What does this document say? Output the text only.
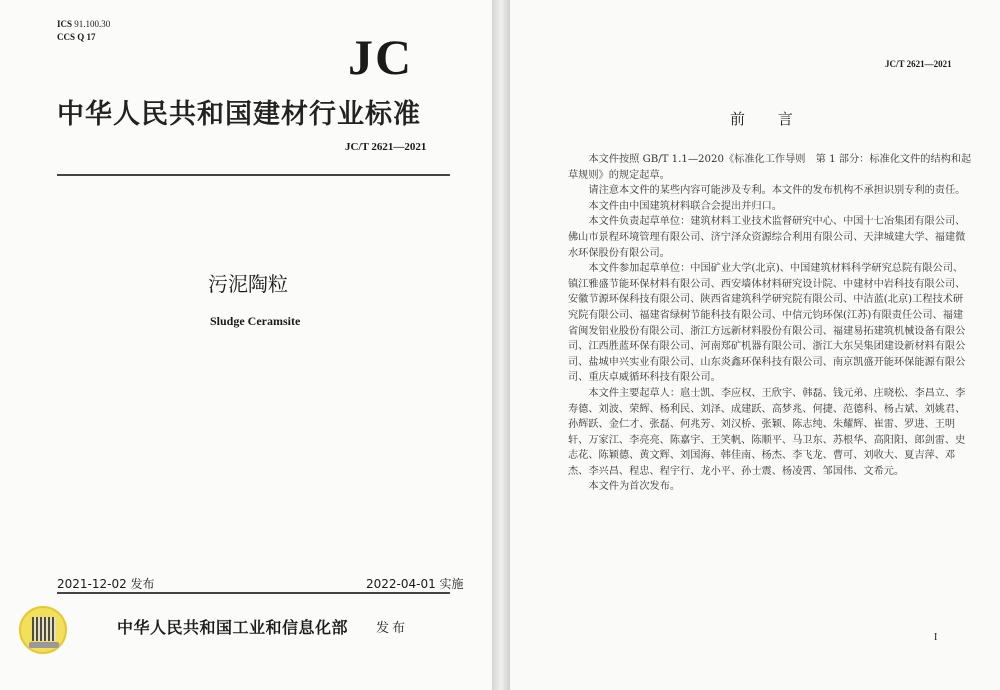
ICS 91.100.30
CCS Q 17	JC
中华人民共和国建材行业标准
JC/T 2621—2021
污泥陶粒
Sludge Ceramsite
2021-12-02 发布	2022-04-01 实施
中华人民共和国工业和信息化部 发布
JC/T 2621—2021
前 言

本文件按照 GB/T 1.1—2020《标准化工作导则　第 1 部分：标准化文件的结构和起草规则》的规定起草。

请注意本文件的某些内容可能涉及专利。本文件的发布机构不承担识别专利的责任。

本文件由中国建筑材料联合会提出并归口。

本文件负责起草单位：建筑材料工业技术监督研究中心、中国十七冶集团有限公司、佛山市景程环境管理有限公司、济宁泽众资源综合利用有限公司、天津城建大学、福建微水环保股份有限公司。

本文件参加起草单位：中国矿业大学(北京)、中国建筑材料科学研究总院有限公司、镇江雅盛节能环保材料有限公司、西安墙体材料研究设计院、中建材中岩科技有限公司、安徽节源环保科技有限公司、陕西省建筑科学研究院有限公司、中洁蓝(北京)工程技术研究院有限公司、福建省绿树节能科技有限公司、中信元钧环保(江苏)有限责任公司、福建省闽发铝业股份有限公司、浙江方远新材料股份有限公司、福建易拓建筑机械设备有限公司、江西胜蓝环保有限公司、河南郑矿机器有限公司、浙江大东吴集团建设新材料有限公司、盐城申兴实业有限公司、山东炎鑫环保科技有限公司、南京凯盛开能环保能源有限公司、重庆卓威循环科技有限公司。

本文件主要起草人：扈士凯、李应权、王欣宇、韩磊、钱元弟、庄晓松、李昌立、李寿德、刘波、荣辉、杨利民、刘泽、成建跃、高梦兆、何捷、范德科、杨占斌、刘姚君、孙辉跃、金仁才、张磊、何兆芳、刘汉桥、张颖、陈志纯、朱耀辉、崔雷、罗进、王明轩、万家江、李亮亮、陈嘉宇、王笑帆、陈顺平、马卫东、苏根华、高阳阳、郎剑雷、史志花、陈颖德、黄文辉、刘国海、韩佳南、杨杰、李飞龙、曹可、刘收大、夏吉萍、邓杰、李兴昌、程忠、程宇行、龙小平、孙士震、杨凌霄、邹国伟、文希元。

本文件为首次发布。

I
